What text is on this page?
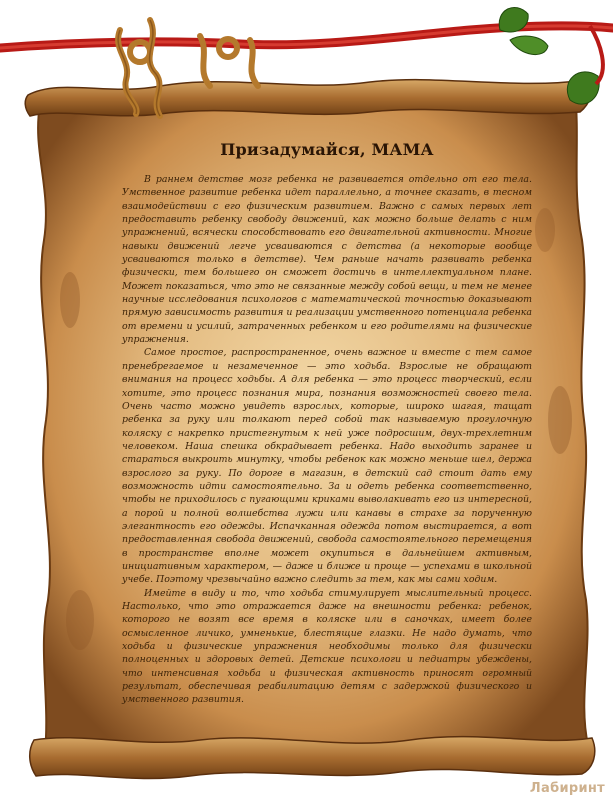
Призадумайся, МАМА

В раннем детстве мозг ребенка не развивается отдельно от его тела. Умственное развитие ребенка идет параллельно, а точнее сказать, в тесном взаимодействии с его физическим развитием. Важно с самых первых лет предоставить ребенку свободу движений, как можно больше делать с ним упражнений, всячески способствовать его двигательной активности. Многие навыки движений легче усваиваются с детства (а некоторые вообще усваиваются только в детстве). Чем раньше начать развивать ребенка физически, тем большего он сможет достичь в интеллектуальном плане. Может показаться, что это не связанные между собой вещи, и тем не менее научные исследования психологов с математической точностью доказывают прямую зависимость развития и реализации умственного потенциала ребенка от времени и усилий, затраченных ребенком и его родителями на физические упражнения.

Самое простое, распространенное, очень важное и вместе с тем самое пренебрегаемое и незамеченное — это ходьба. Взрослые не обращают внимания на процесс ходьбы. А для ребенка — это процесс творческий, если хотите, это процесс познания мира, познания возможностей своего тела. Очень часто можно увидеть взрослых, которые, широко шагая, тащат ребенка за руку или толкают перед собой так называемую прогулочную коляску с накрепко пристегнутым к ней уже подросшим, двух-трехлетним человеком. Наша спешка обкрадывает ребенка. Надо выходить заранее и стараться выкроить минутку, чтобы ребенок как можно меньше шел, держа взрослого за руку. По дороге в магазин, в детский сад стоит дать ему возможность идти самостоятельно. За и одеть ребенка соответственно, чтобы не приходилось с пугающими криками выволакивать его из интересной, а порой и полной волшебства лужи или канавы в страхе за порученную элегантность его одежды. Испачканная одежда потом выстирается, а вот предоставленная свобода движений, свобода самостоятельного перемещения в пространстве вполне может окупиться в дальнейшем активным, инициативным характером, — даже и ближе и проще — успехами в школьной учебе. Поэтому чрезвычайно важно следить за тем, как мы сами ходим.

Имейте в виду и то, что ходьба стимулирует мыслительный процесс. Настолько, что это отражается даже на внешности ребенка: ребенок, которого не возят все время в коляске или в саночках, имеет более осмысленное личико, умненькие, блестящие глазки. Не надо думать, что ходьба и физические упражнения необходимы только для физически полноценных и здоровых детей. Детские психологи и педиатры убеждены, что интенсивная ходьба и физическая активность приносят огромный результат, обеспечивая реабилитацию детям с задержкой физического и умственного развития.

Лабиринт
